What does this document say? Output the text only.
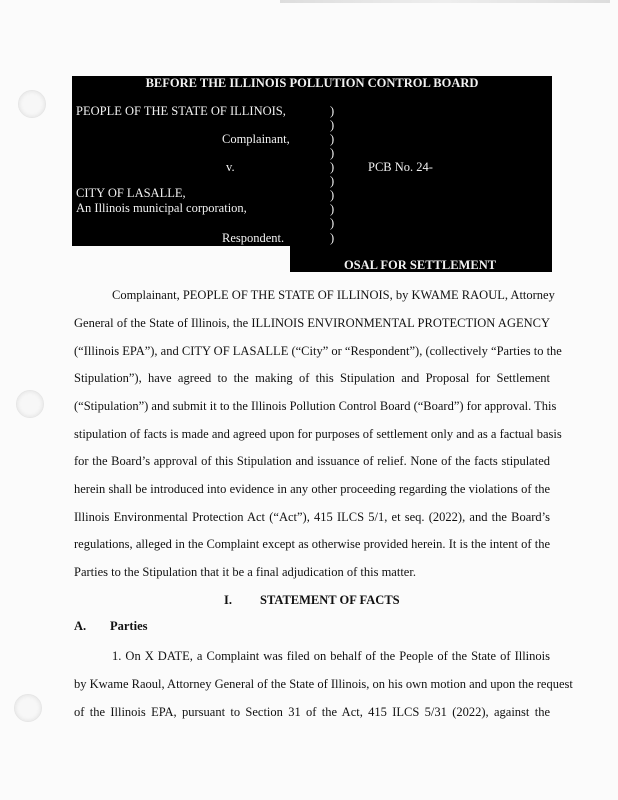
BEFORE THE ILLINOIS POLLUTION CONTROL BOARD
PEOPLE OF THE STATE OF ILLINOIS,
Complainant,
v.	PCB No. 24-
CITY OF LASALLE,
An Illinois municipal corporation,
Respondent.
)
)
)
)
)
)
)
)
)
)
OSAL FOR SETTLEMENT
Complainant, PEOPLE OF THE STATE OF ILLINOIS, by KWAME RAOUL, Attorney
General of the State of Illinois, the ILLINOIS ENVIRONMENTAL PROTECTION AGENCY
(“Illinois EPA”), and CITY OF LASALLE (“City” or “Respondent”), (collectively “Parties to the
Stipulation”), have agreed to the making of this Stipulation and Proposal for Settlement
(“Stipulation”) and submit it to the Illinois Pollution Control Board (“Board”) for approval. This
stipulation of facts is made and agreed upon for purposes of settlement only and as a factual basis
for the Board’s approval of this Stipulation and issuance of relief. None of the facts stipulated
herein shall be introduced into evidence in any other proceeding regarding the violations of the
Illinois Environmental Protection Act (“Act”), 415 ILCS 5/1, et seq. (2022), and the Board’s
regulations, alleged in the Complaint except as otherwise provided herein. It is the intent of the
Parties to the Stipulation that it be a final adjudication of this matter.
I. STATEMENT OF FACTS
A. Parties
1. On X DATE, a Complaint was filed on behalf of the People of the State of Illinois
by Kwame Raoul, Attorney General of the State of Illinois, on his own motion and upon the request
of the Illinois EPA, pursuant to Section 31 of the Act, 415 ILCS 5/31 (2022), against the
